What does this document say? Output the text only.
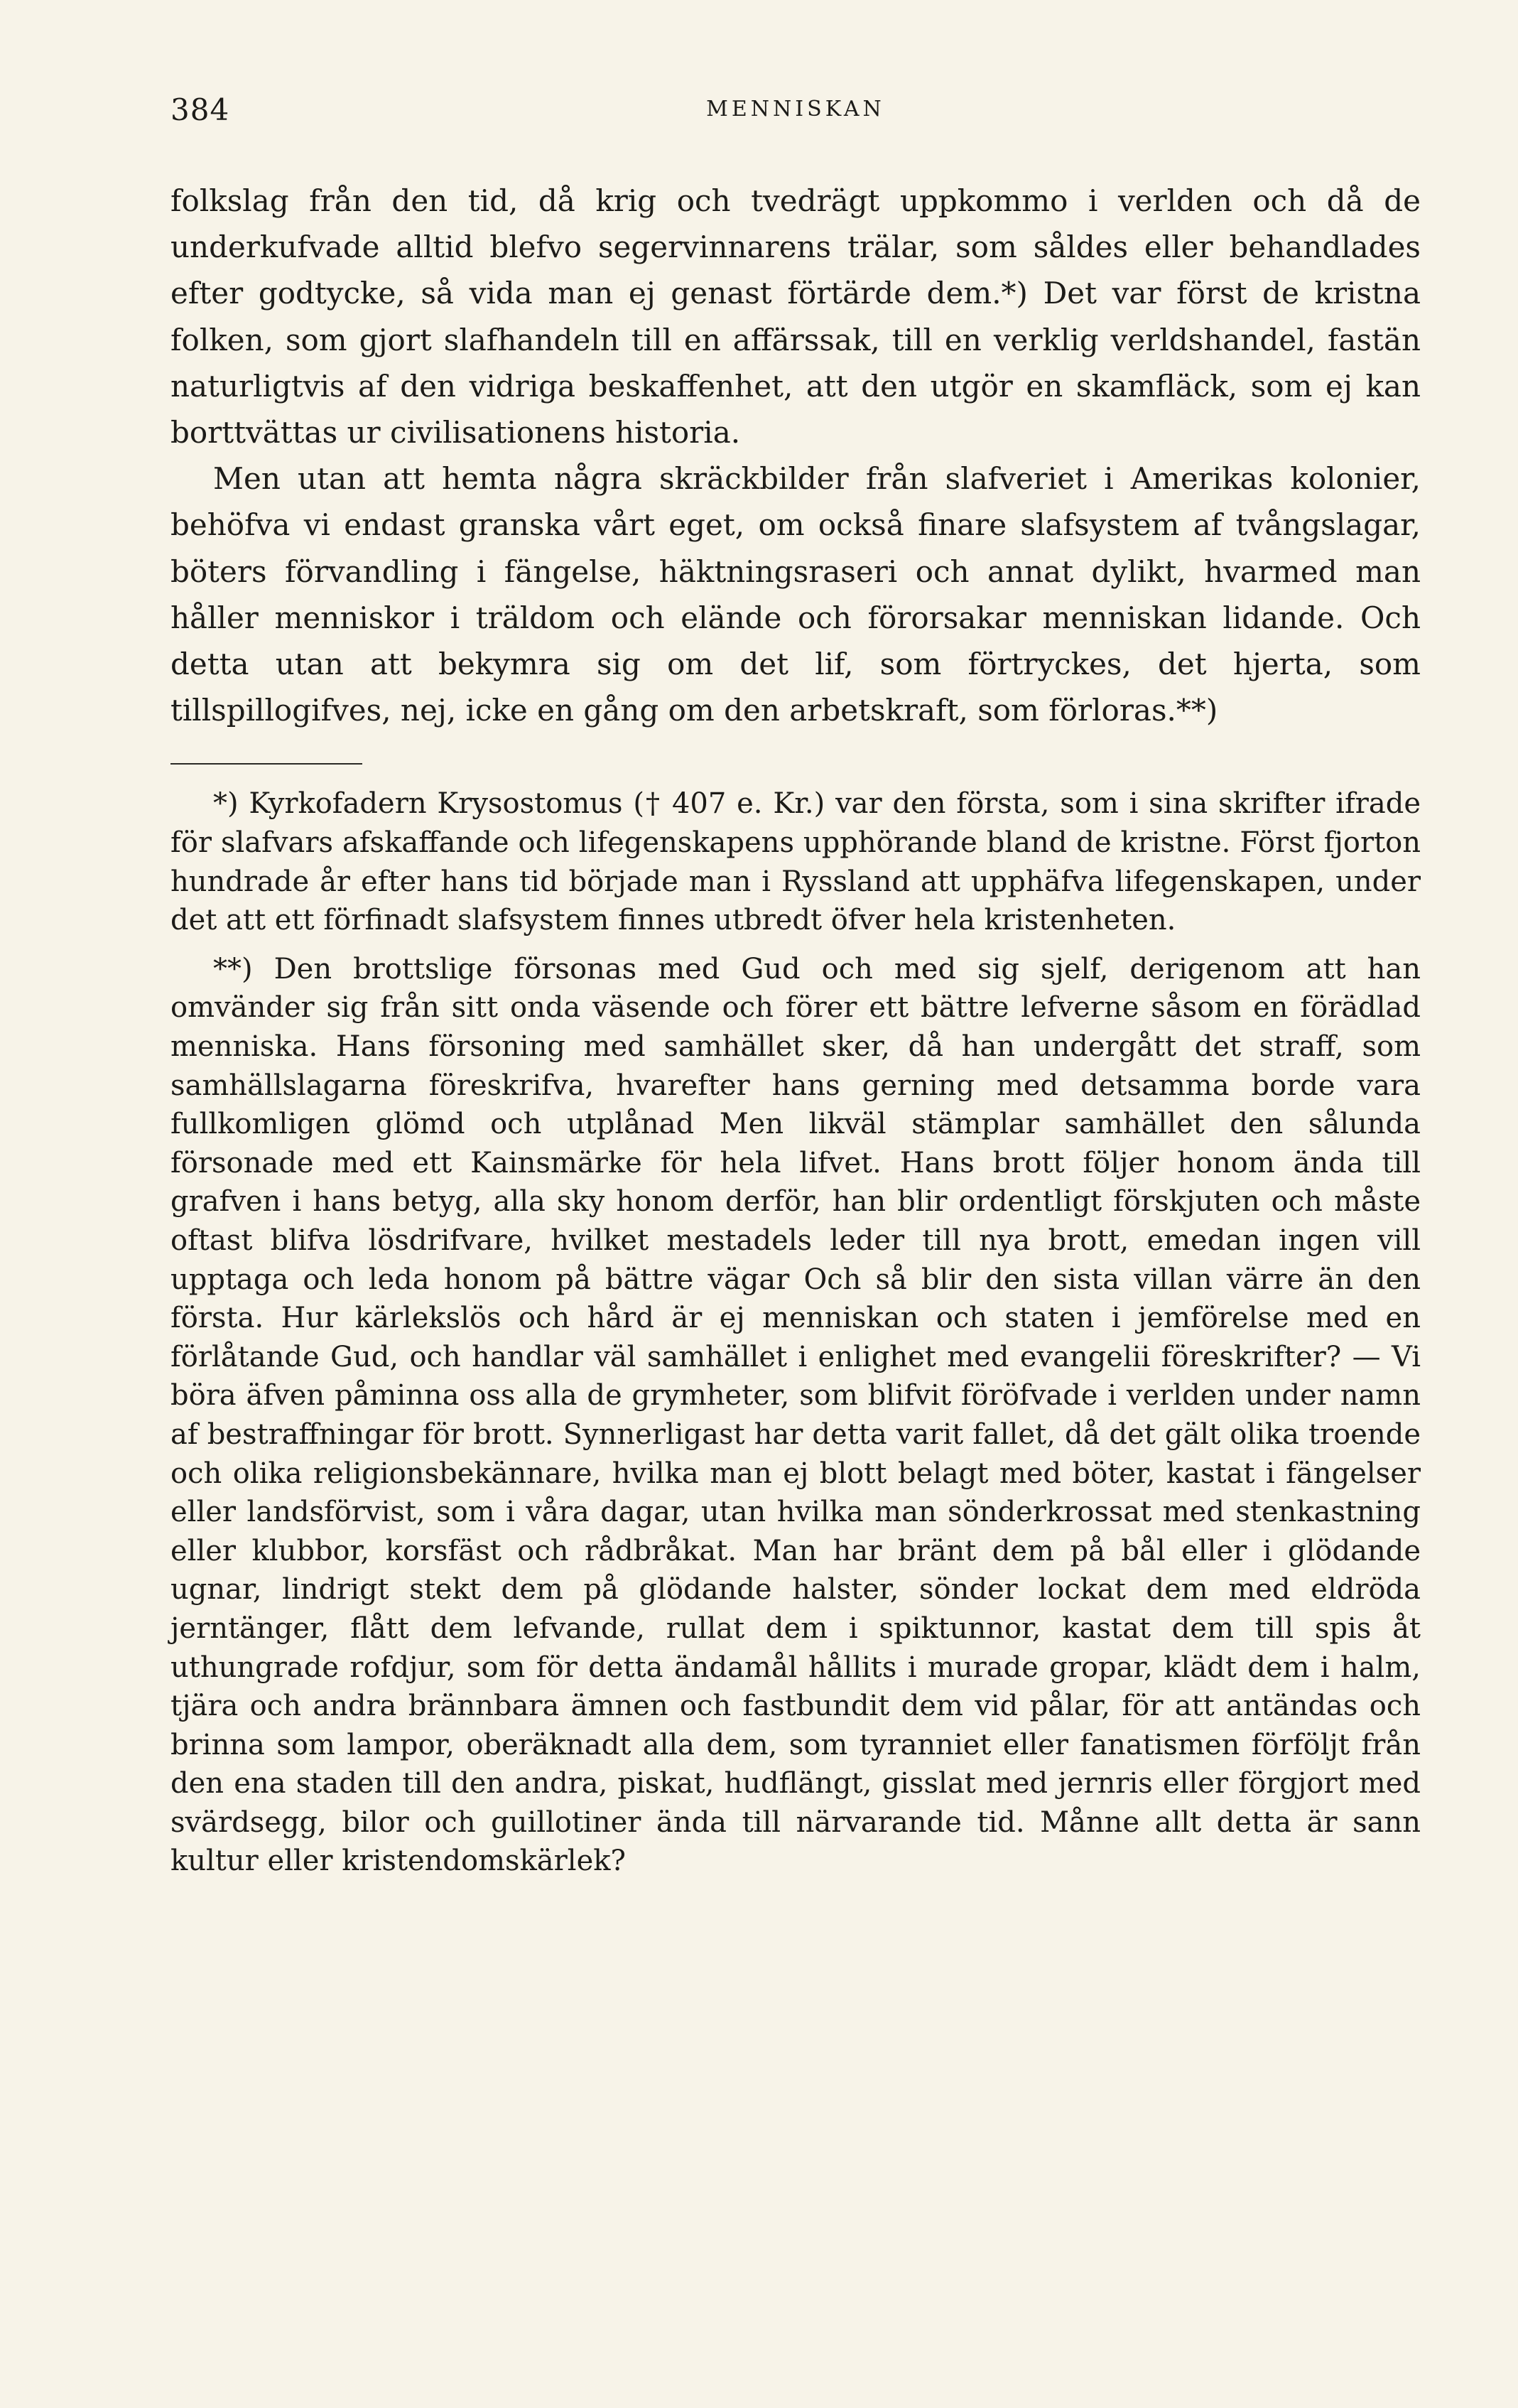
384	MENNISKAN

folkslag från den tid, då krig och tvedrägt uppkommo i verlden och då de underkufvade alltid blefvo segervinnarens trälar, som såldes eller behandlades efter godtycke, så vida man ej genast förtärde dem.*) Det var först de kristna folken, som gjort slafhandeln till en affärssak, till en verklig verldshandel, fastän naturligtvis af den vidriga beskaffenhet, att den utgör en skamfläck, som ej kan borttvättas ur civilisationens historia.

Men utan att hemta några skräckbilder från slafveriet i Amerikas kolonier, behöfva vi endast granska vårt eget, om också finare slafsystem af tvångslagar, böters förvandling i fängelse, häktningsraseri och annat dylikt, hvarmed man håller menniskor i träldom och elände och förorsakar menniskan lidande. Och detta utan att bekymra sig om det lif, som förtryckes, det hjerta, som tillspillogifves, nej, icke en gång om den arbetskraft, som förloras.**)

*) Kyrkofadern Krysostomus († 407 e. Kr.) var den första, som i sina skrifter ifrade för slafvars afskaffande och lifegenskapens upphörande bland de kristne. Först fjorton hundrade år efter hans tid började man i Ryssland att upphäfva lifegenskapen, under det att ett förfinadt slafsystem finnes utbredt öfver hela kristenheten.

**) Den brottslige försonas med Gud och med sig sjelf, derigenom att han omvänder sig från sitt onda väsende och förer ett bättre lefverne såsom en förädlad menniska. Hans försoning med samhället sker, då han undergått det straff, som samhällslagarna föreskrifva, hvarefter hans gerning med detsamma borde vara fullkomligen glömd och utplånad Men likväl stämplar samhället den sålunda försonade med ett Kainsmärke för hela lifvet. Hans brott följer honom ända till grafven i hans betyg, alla sky honom derför, han blir ordentligt förskjuten och måste oftast blifva lösdrifvare, hvilket mestadels leder till nya brott, emedan ingen vill upptaga och leda honom på bättre vägar Och så blir den sista villan värre än den första. Hur kärlekslös och hård är ej menniskan och staten i jemförelse med en förlåtande Gud, och handlar väl samhället i enlighet med evangelii föreskrifter? — Vi böra äfven påminna oss alla de grymheter, som blifvit föröfvade i verlden under namn af bestraffningar för brott. Synnerligast har detta varit fallet, då det gält olika troende och olika religionsbekännare, hvilka man ej blott belagt med böter, kastat i fängelser eller landsförvist, som i våra dagar, utan hvilka man sönderkrossat med stenkastning eller klubbor, korsfäst och rådbråkat. Man har bränt dem på bål eller i glödande ugnar, lindrigt stekt dem på glödande halster, sönder lockat dem med eldröda jerntänger, flått dem lefvande, rullat dem i spiktunnor, kastat dem till spis åt uthungrade rofdjur, som för detta ändamål hållits i murade gropar, klädt dem i halm, tjära och andra brännbara ämnen och fastbundit dem vid pålar, för att antändas och brinna som lampor, oberäknadt alla dem, som tyranniet eller fanatismen förföljt från den ena staden till den andra, piskat, hudflängt, gisslat med jernris eller förgjort med svärdsegg, bilor och guillotiner ända till närvarande tid. Månne allt detta är sann kultur eller kristendomskärlek?
